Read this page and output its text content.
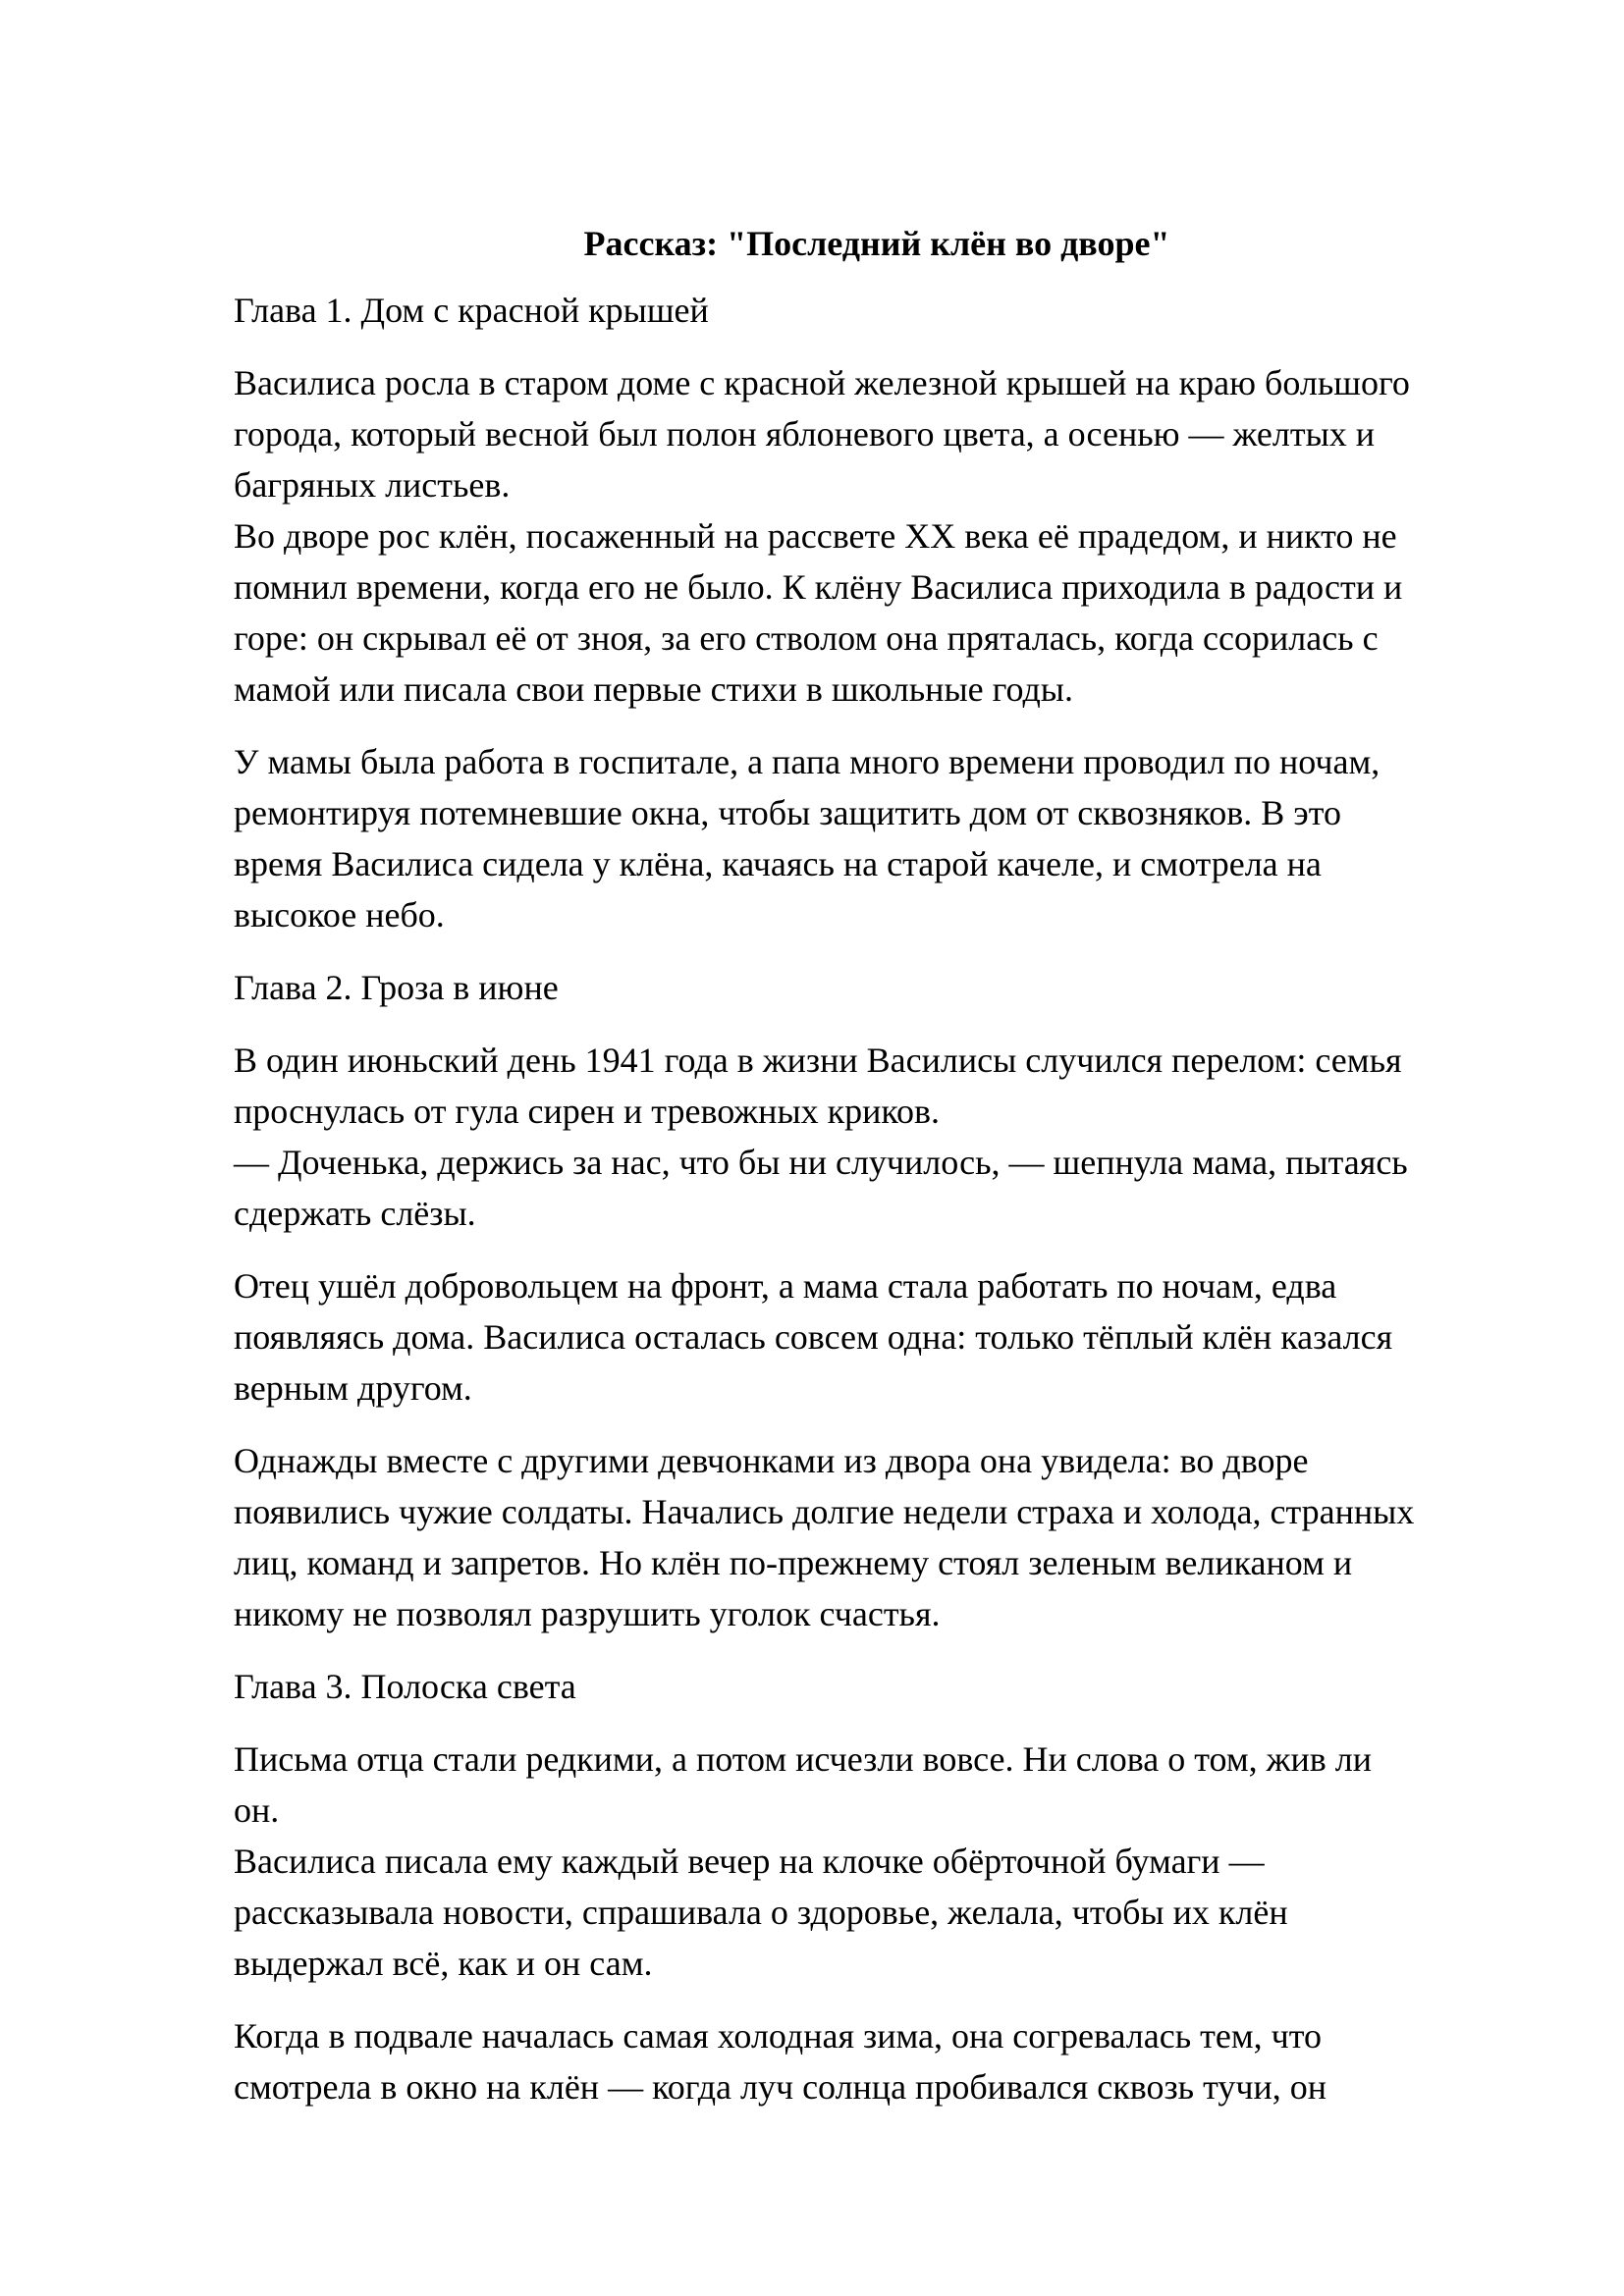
Рассказ: "Последний клён во дворе"
Глава 1. Дом с красной крышей
Василиса росла в старом доме с красной железной крышей на краю большого
города, который весной был полон яблоневого цвета, а осенью — желтых и
багряных листьев.
Во дворе рос клён, посаженный на рассвете XX века её прадедом, и никто не
помнил времени, когда его не было. К клёну Василиса приходила в радости и
горе: он скрывал её от зноя, за его стволом она пряталась, когда ссорилась с
мамой или писала свои первые стихи в школьные годы.
У мамы была работа в госпитале, а папа много времени проводил по ночам,
ремонтируя потемневшие окна, чтобы защитить дом от сквозняков. В это
время Василиса сидела у клёна, качаясь на старой качеле, и смотрела на
высокое небо.
Глава 2. Гроза в июне
В один июньский день 1941 года в жизни Василисы случился перелом: семья
проснулась от гула сирен и тревожных криков.
— Доченька, держись за нас, что бы ни случилось, — шепнула мама, пытаясь
сдержать слёзы.
Отец ушёл добровольцем на фронт, а мама стала работать по ночам, едва
появляясь дома. Василиса осталась совсем одна: только тёплый клён казался
верным другом.
Однажды вместе с другими девчонками из двора она увидела: во дворе
появились чужие солдаты. Начались долгие недели страха и холода, странных
лиц, команд и запретов. Но клён по-прежнему стоял зеленым великаном и
никому не позволял разрушить уголок счастья.
Глава 3. Полоска света
Письма отца стали редкими, а потом исчезли вовсе. Ни слова о том, жив ли
он.
Василиса писала ему каждый вечер на клочке обёрточной бумаги —
рассказывала новости, спрашивала о здоровье, желала, чтобы их клён
выдержал всё, как и он сам.
Когда в подвале началась самая холодная зима, она согревалась тем, что
смотрела в окно на клён — когда луч солнца пробивался сквозь тучи, он
